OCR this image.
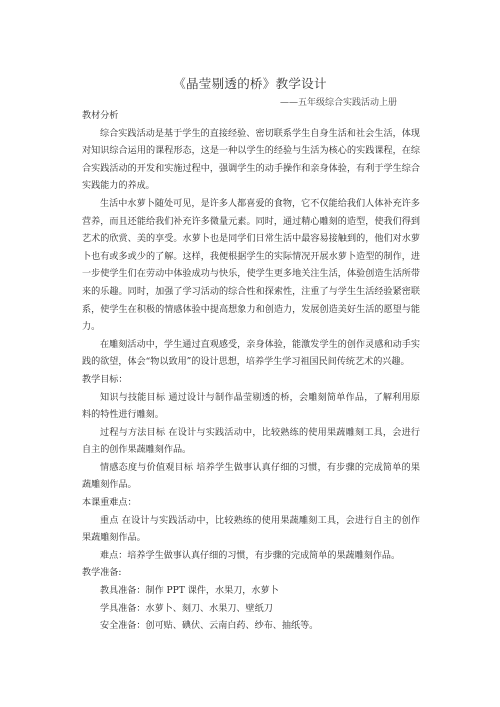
《晶莹剔透的桥》教学设计
——五年级综合实践活动上册

教材分析

综合实践活动是基于学生的直接经验、密切联系学生自身生活和社会生活，体现对知识综合运用的课程形态，这是一种以学生的经验与生活为核心的实践课程，在综合实践活动的开发和实施过程中，强调学生的动手操作和亲身体验，有利于学生综合实践能力的养成。

生活中水萝卜随处可见，是许多人都喜爱的食物，它不仅能给我们人体补充许多营养，而且还能给我们补充许多微量元素。同时，通过精心雕刻的造型，使我们得到艺术的欣赏、美的享受。水萝卜也是同学们日常生活中最容易接触到的，他们对水萝卜也有或多或少的了解。这样，我便根据学生的实际情况开展水萝卜造型的制作，进一步使学生们在劳动中体验成功与快乐，使学生更多地关注生活，体验创造生活所带来的乐趣。同时，加强了学习活动的综合性和探索性，注重了与学生生活经验紧密联系，使学生在积极的情感体验中提高想象力和创造力，发展创造美好生活的愿望与能力。

在雕刻活动中，学生通过直观感受，亲身体验，能激发学生的创作灵感和动手实践的欲望，体会“物以致用”的设计思想，培养学生学习祖国民间传统艺术的兴趣。

教学目标：

知识与技能目标 通过设计与制作晶莹剔透的桥，会雕刻简单作品，了解利用原料的特性进行雕刻。

过程与方法目标 在设计与实践活动中，比较熟练的使用果蔬雕刻工具，会进行自主的创作果蔬雕刻作品。

情感态度与价值观目标 培养学生做事认真仔细的习惯，有步骤的完成简单的果蔬雕刻作品。

本课重难点：

重点 在设计与实践活动中，比较熟练的使用果蔬雕刻工具，会进行自主的创作果蔬雕刻作品。

难点：培养学生做事认真仔细的习惯，有步骤的完成简单的果蔬雕刻作品。

教学准备:

教具准备：制作 PPT 课件，水果刀，水萝卜

学具准备：水萝卜、刻刀、水果刀、壁纸刀

安全准备：创可贴、碘伏、云南白药、纱布、抽纸等。
